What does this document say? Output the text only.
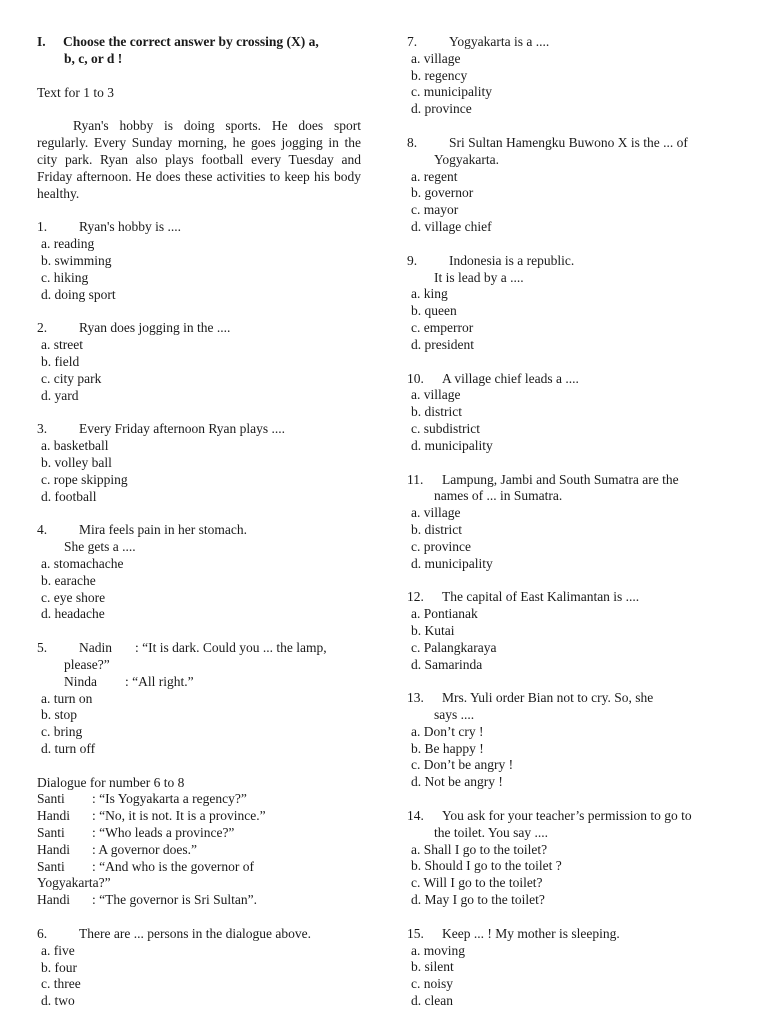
I.	Choose the correct answer by crossing (X) a,
b, c, or d !
Text for 1 to 3
Ryan's hobby is doing sports. He does sport regularly. Every Sunday morning, he goes jogging in the city park. Ryan also plays football every Tuesday and Friday afternoon. He does these activities to keep his body healthy.
1.	Ryan's hobby is ....
a. reading
b. swimming
c. hiking
d. doing sport
2.	Ryan does jogging in the ....
a. street
b. field
c. city park
d. yard
3.	Every Friday afternoon Ryan plays ....
a. basketball
b. volley ball
c. rope skipping
d. football
4.	Mira feels pain in her stomach.
She gets a ....
a. stomachache
b. earache
c. eye shore
d. headache
5.	Nadin	: “It is dark. Could you ... the lamp,
please?”
Ninda	: “All right.”
a. turn on
b. stop
c. bring
d. turn off
Dialogue for number 6 to 8
Santi	: “Is Yogyakarta a regency?”
Handi	: “No, it is not. It is a province.”
Santi	: “Who leads a province?”
Handi	: A governor does.”
Santi	: “And who is the governor of
Yogyakarta?”
Handi	: “The governor is Sri Sultan”.
6.	There are ... persons in the dialogue above.
a. five
b. four
c. three
d. two
7.	Yogyakarta is a ....
a. village
b. regency
c. municipality
d. province
8.	Sri Sultan Hamengku Buwono X is the ... of
Yogyakarta.
a. regent
b. governor
c. mayor
d. village chief
9.	Indonesia is a republic.
It is lead by a ....
a. king
b. queen
c. emperror
d. president
10.	A village chief leads a ....
a. village
b. district
c. subdistrict
d. municipality
11.	Lampung, Jambi and South Sumatra are the
names of ... in Sumatra.
a. village
b. district
c. province
d. municipality
12.	The capital of East Kalimantan is ....
a. Pontianak
b. Kutai
c. Palangkaraya
d. Samarinda
13.	Mrs. Yuli order Bian not to cry. So, she
says ....
a. Don’t cry !
b. Be happy !
c. Don’t be angry !
d. Not be angry !
14.	You ask for your teacher’s permission to go to
the toilet. You say ....
a. Shall I go to the toilet?
b. Should I go to the toilet ?
c. Will I go to the toilet?
d. May I go to the toilet?
15.	Keep ... ! My mother is sleeping.
a. moving
b. silent
c. noisy
d. clean
